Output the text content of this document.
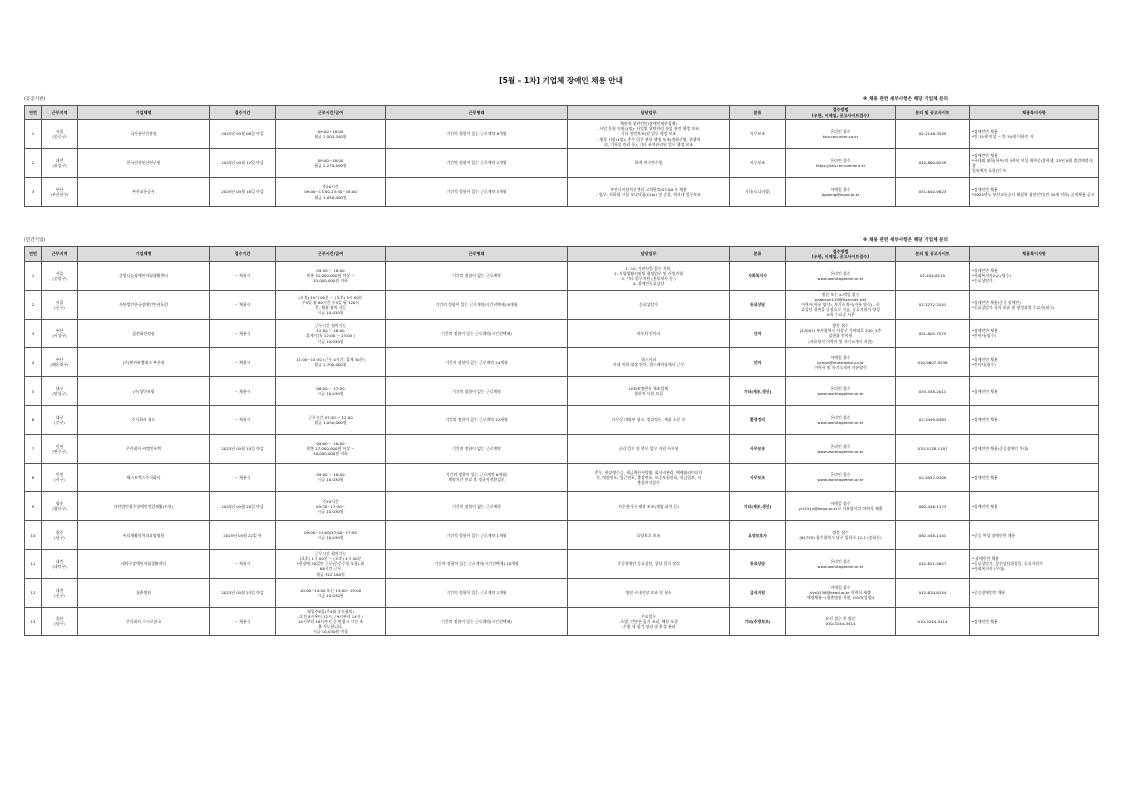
[5월 – 1차] 기업체 장애인 채용 안내
(공공기관)	※ 채용 관련 세부사항은 해당 기업체 문의
연번	근무지역	기업체명	접수기간	근무시간/급여	근무형태	담당업무	분류	접수방법
(우편, 이메일, 공고사이트접수)	문의 및 공고사이트	채용특이사항
1	서울
(종로구)	국가유산진흥원	2025년 05월 08일 마감	09:00~18:00
월급 2,505,340원	기간의 정함이 있는 근로계약 6개월	채용형 청년인턴(장애인제한경쟁)
- 사업 운영 지원(1명): 사업별 위탁관리 사업 관련 행정 보조,
기타 전반보조(원 업무 행정 보조
- 행정 지원(1명): 총무 업무 관련 행정 보조(계좌주병, 위행처
리, 기록물 관리 등), 기타 조직관리원 업무 행정 보조	사무보조	온라인 접수
kha.recruiter.co.kr	02-2146-3539	*장애인만 채용
*만 15세 이상 ~ 만 34세 이하인 자
2	대전
(유성구)	한국전자통신연구원	2025년 05월 12일 마감	09:00~18:00
월급 2,270,000원	기간의 정함이 있는 근로계약 2개월	하계 연구연수생	사무보조	온라인 접수
https://etri.recruitment.kr	042-860-6239	*장애인만 채용
*국내외 대학(학부)의 3학년 이상 재학중(휴학생, 25년 8월 졸업예정자, 졸
업유예자 포함)인 자
3	부산
(부산진구)	부산교통공사	2025년 05월 16일 마감	주20시간
09:00~13:00,13:30~18:00
월급 1,050,000원	기간의 정함이 있는 근로계약 3개월	부산디지털혁신센터 고객편의(S7-6/L우 채용
- 업무: 지하철 시설 모니터링(Cctv) 및 순찰, 역사내 업무보조	기타(모니터링)	이메일 접수
jtgaeng@kead.or.kr	051-640-9823	*장애인만 채용
*2025년도 부산교통공사 체험형 청년인턴(만 34세 이하) 공개채용 공고
(민간기업)	※ 채용 관련 세부사항은 해당 기업체 문의
연번	근무지역	기업체명	접수기간	근무시간/급여	근무형태	담당업무	분류	접수방법
(우편, 이메일, 공고사이트접수)	문의 및 공고사이트	채용특이사항
1	서울
(중랑구)	중랑나눔장애인자립생활센터	~ 채용시	09:50 ~ 18:00
연봉 31,000,000원 이상 ~
32,000,000원 이하	기간의 정함이 없는 근로계약	1. CIL 기관사업 업무 지원,
2. 자립생활지원팀 행정업무 및 사업진행
3. 기타 업무지원 (홍보역사 등 )
4. 장애인동료상담	사회복지사	온라인 접수
www.worktogether.or.kr	02-454-8119	*장애인만 채용
*사회복지사2급 (필수)
*동료상담가
2	서울
(중구)	사단법인한국장애인인권포럼	~ 채용시	(오전) 10시 00분 ~ (오후) 5시 00분
주5일 월 60시간 주5일 월 120시
간, 채용 협의 가능
시급 10,030원	기간의 정함이 있는 근로계약(시간선택제) 8개월	동료상담가	동료상담	방문 또는 e-메일 접수
padosun119@hanmail.net
이력서(자유 양식), 자기소개서(자유 양식) - 동
료상담 경력을 중심으로 기술, 동료지원가 양성
교육 수료증 사본	02-2272-2541	*장애인만 채용(중증 장애인)
*동료상담가 자격 보유 및 양성과정 수료자(필수)
3	부산
(사상구)	삼현화인약품	~ 채용시	근무시간 협의가능
12:00 ~ 18:00
휴게시간( 12:00 ~ 13:00 )
시급 10,030원	기간의 정함이 있는 근로계약(시간선택제)	바우처 안마사	안마	방문 접수
(47007) 부산광역시 사상구 가야대로 330, 4층
삼현화 안마원
(자유형식 이력서 및 자기소개서 지참)	051-805-7575	*장애인만 채용
*안마사(필수)
4	부산
(해운대구)	(주)엔씨씨엘테크 부산점	~ 채용시	11:00~15:30 (근무 4시간, 휴게 30분)
월급 1,700,000원	기간의 정함이 있는 근로계약 24개월	헬스키퍼
사내 직원 대상 안마, 헬스케어룸에서 근무	안마	이메일 접수
bcean@kidsmedia.co.kr
이력서 및 자기소개서 자유양식	010-9607-9236	*장애인만 채용
*안마사(필수)
5	대구
(달성군)	(주)성민조명	~ 채용시	08:00 ~ 17:00
시급 10,030원	기간의 정함이 있는 근로계약	LED조명렌지 제조업체
생산직 사원 모집	기타(제조,생산)	온라인 접수
www.worktogether.or.kr	053-358-2011	*장애인만 채용
6	대구
(중구)	주식회사 청도	~ 채용시	근무시간 07:30 ~ 12:00
월급 1,050,000원	기간의 정함이 있는 근로계약 12개월	사무실 내외부 청소, 정리정돈, 제품 소분 등	환경정리	온라인 접수
www.worktogether.or.kr	02-3449-6383	*장애인만 채용
7	인천
(연수구)	주식회사 씨엘인포텍	2025년 05월 10일 마감	09:00 ~ 18:00
연봉 27,000,000원 이상 ~
30,000,000원 이하	기간의 정함이 없는 근로계약	공리 업무 및 총무 업무 지원 사무원	사무보조	온라인 접수
www.worktogether.or.kr	070-5138-1197	*장애인만 채용(중증장애인 우대)
8	인천
(서구)	해스트렉스주식회사	~ 채용시	09:00 ~ 18:00
시급 10,030원	기간의 정함이 있는 근로계약 6개월/
계약기간 만료 후 정규직전환검토	총무, 현장행수증, 세금계산서발행, 회식비관리, 택배대리미더미
진, 매점인포, 업근연포, 출장연포, 보증보험관리, 자금업보, 지
출결의서상신	사무보조	온라인 접수
www.worktogether.or.kr	02-5057-0300	*장애인만 채용
9	광주
(광산구)	사단법인광주장애인직업재활(도원)	2025년 05월 20일 마감	주20시간
09:30~17:30~
시급 10,030원	기간의 정함이 없는 근로계약	사무용가구 제작 보조(재임,리지 등)	기타(제조,생산)	이메일 접수
yl1151y@kead.or.kr로 자유양식의 이력서 제출	062-448-1173	*장애인만 채용
10	광주
(남구)	씨티재활의학과요양병원	2025년 05월 22일 마	09:00~13:00/17:00~17:00
시급 10,030원	기간의 정함이 있는 근로계약 1개월	요양보호 보조	요양보호사	방문 접수
(61755) 광주광역시 남구 입하로 12-1 (송하동)	062-448-1141	*중증 여성 장애인만 채용
11	대전
(대덕구)	대덕구장애인자립생활센터	~ 채용시	근무시간 협의가능
(오후) 1시 00분 ~ (오후) 4시 00분
*현장에 20일만 근무(주중수정 포함/ 월
68시간 근무
월급 722,160원	기간의 정함이 있는 근로계약(시간선택제) 10개월	중증장애인 동료상담, 상담 일지 작성	동료상담	온라인 접수
www.worktogether.or.kr	042-621-5857	* 장애인만 채용
*동료상담가, 상건상담과정을, 동료지원가
*사회복지사 (우대)
12	대전
(중구)	청춘병원	2025년 05월 23일 마감	10:00~14:00 또는 15:00~19:00
시급 10,030원	기간의 정함이 있는 근로계약 2개월	병원 구내식당 보조 및 청소	급식지원	이메일 접수
llvs0138@kead.or.kr 이력서 제출
예정채용~(청춘병원 지원, OOO(성명))	042-620-6244	*중증장애인만 채용
13	울산
(남구)	주식회사 스시로한국	~ 채용시	평일주6일(주4회 중도협의)
-오전 8시부터 12시, / 9시부터 14시 /
10시부터 18시까지 중 면접시 시간 조
율 가능합니다.
시급 10,030원 이상	기간의 정함이 있는 근로계약(시간선택제)	주요업무
-초밥, 간단한 음식 조리, 배달 포장
-주방 내 접기 정리 및 환경 관리	기타(주방보조)	유선 접수 후 방문
010-3244-3414	010-3244-3414	*장애인만 채용
